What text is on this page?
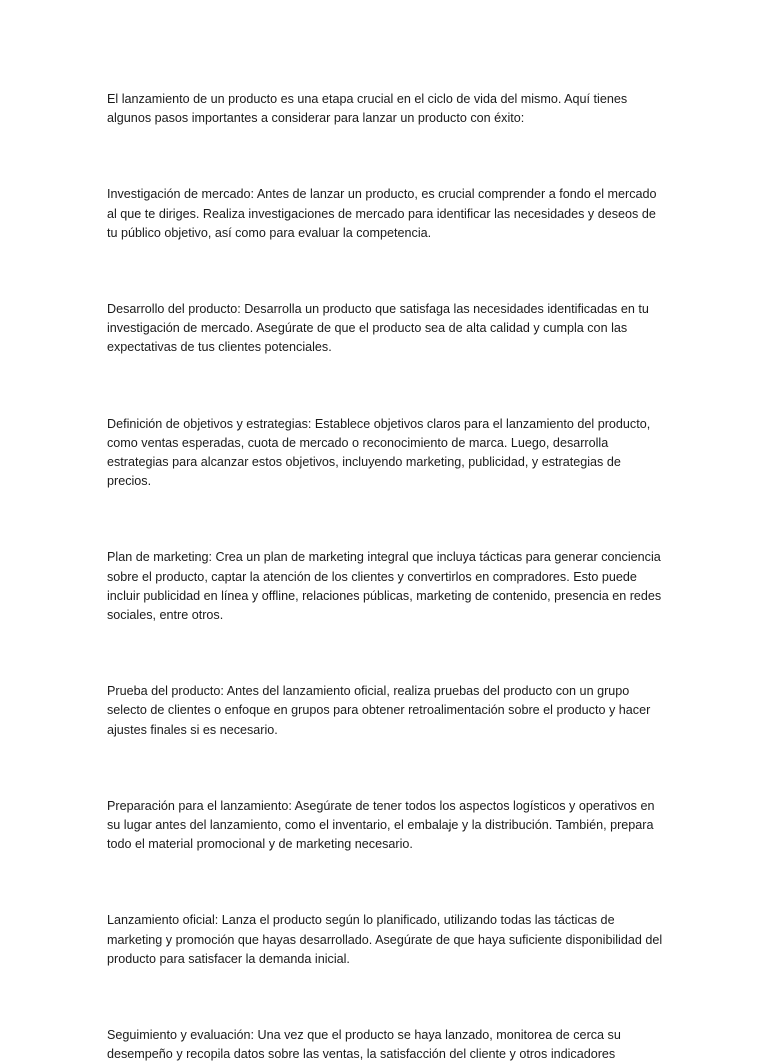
El lanzamiento de un producto es una etapa crucial en el ciclo de vida del mismo. Aquí tienes algunos pasos importantes a considerar para lanzar un producto con éxito:

Investigación de mercado: Antes de lanzar un producto, es crucial comprender a fondo el mercado al que te diriges. Realiza investigaciones de mercado para identificar las necesidades y deseos de tu público objetivo, así como para evaluar la competencia.

Desarrollo del producto: Desarrolla un producto que satisfaga las necesidades identificadas en tu investigación de mercado. Asegúrate de que el producto sea de alta calidad y cumpla con las expectativas de tus clientes potenciales.

Definición de objetivos y estrategias: Establece objetivos claros para el lanzamiento del producto, como ventas esperadas, cuota de mercado o reconocimiento de marca. Luego, desarrolla estrategias para alcanzar estos objetivos, incluyendo marketing, publicidad, y estrategias de precios.

Plan de marketing: Crea un plan de marketing integral que incluya tácticas para generar conciencia sobre el producto, captar la atención de los clientes y convertirlos en compradores. Esto puede incluir publicidad en línea y offline, relaciones públicas, marketing de contenido, presencia en redes sociales, entre otros.

Prueba del producto: Antes del lanzamiento oficial, realiza pruebas del producto con un grupo selecto de clientes o enfoque en grupos para obtener retroalimentación sobre el producto y hacer ajustes finales si es necesario.

Preparación para el lanzamiento: Asegúrate de tener todos los aspectos logísticos y operativos en su lugar antes del lanzamiento, como el inventario, el embalaje y la distribución. También, prepara todo el material promocional y de marketing necesario.

Lanzamiento oficial: Lanza el producto según lo planificado, utilizando todas las tácticas de marketing y promoción que hayas desarrollado. Asegúrate de que haya suficiente disponibilidad del producto para satisfacer la demanda inicial.

Seguimiento y evaluación: Una vez que el producto se haya lanzado, monitorea de cerca su desempeño y recopila datos sobre las ventas, la satisfacción del cliente y otros indicadores
